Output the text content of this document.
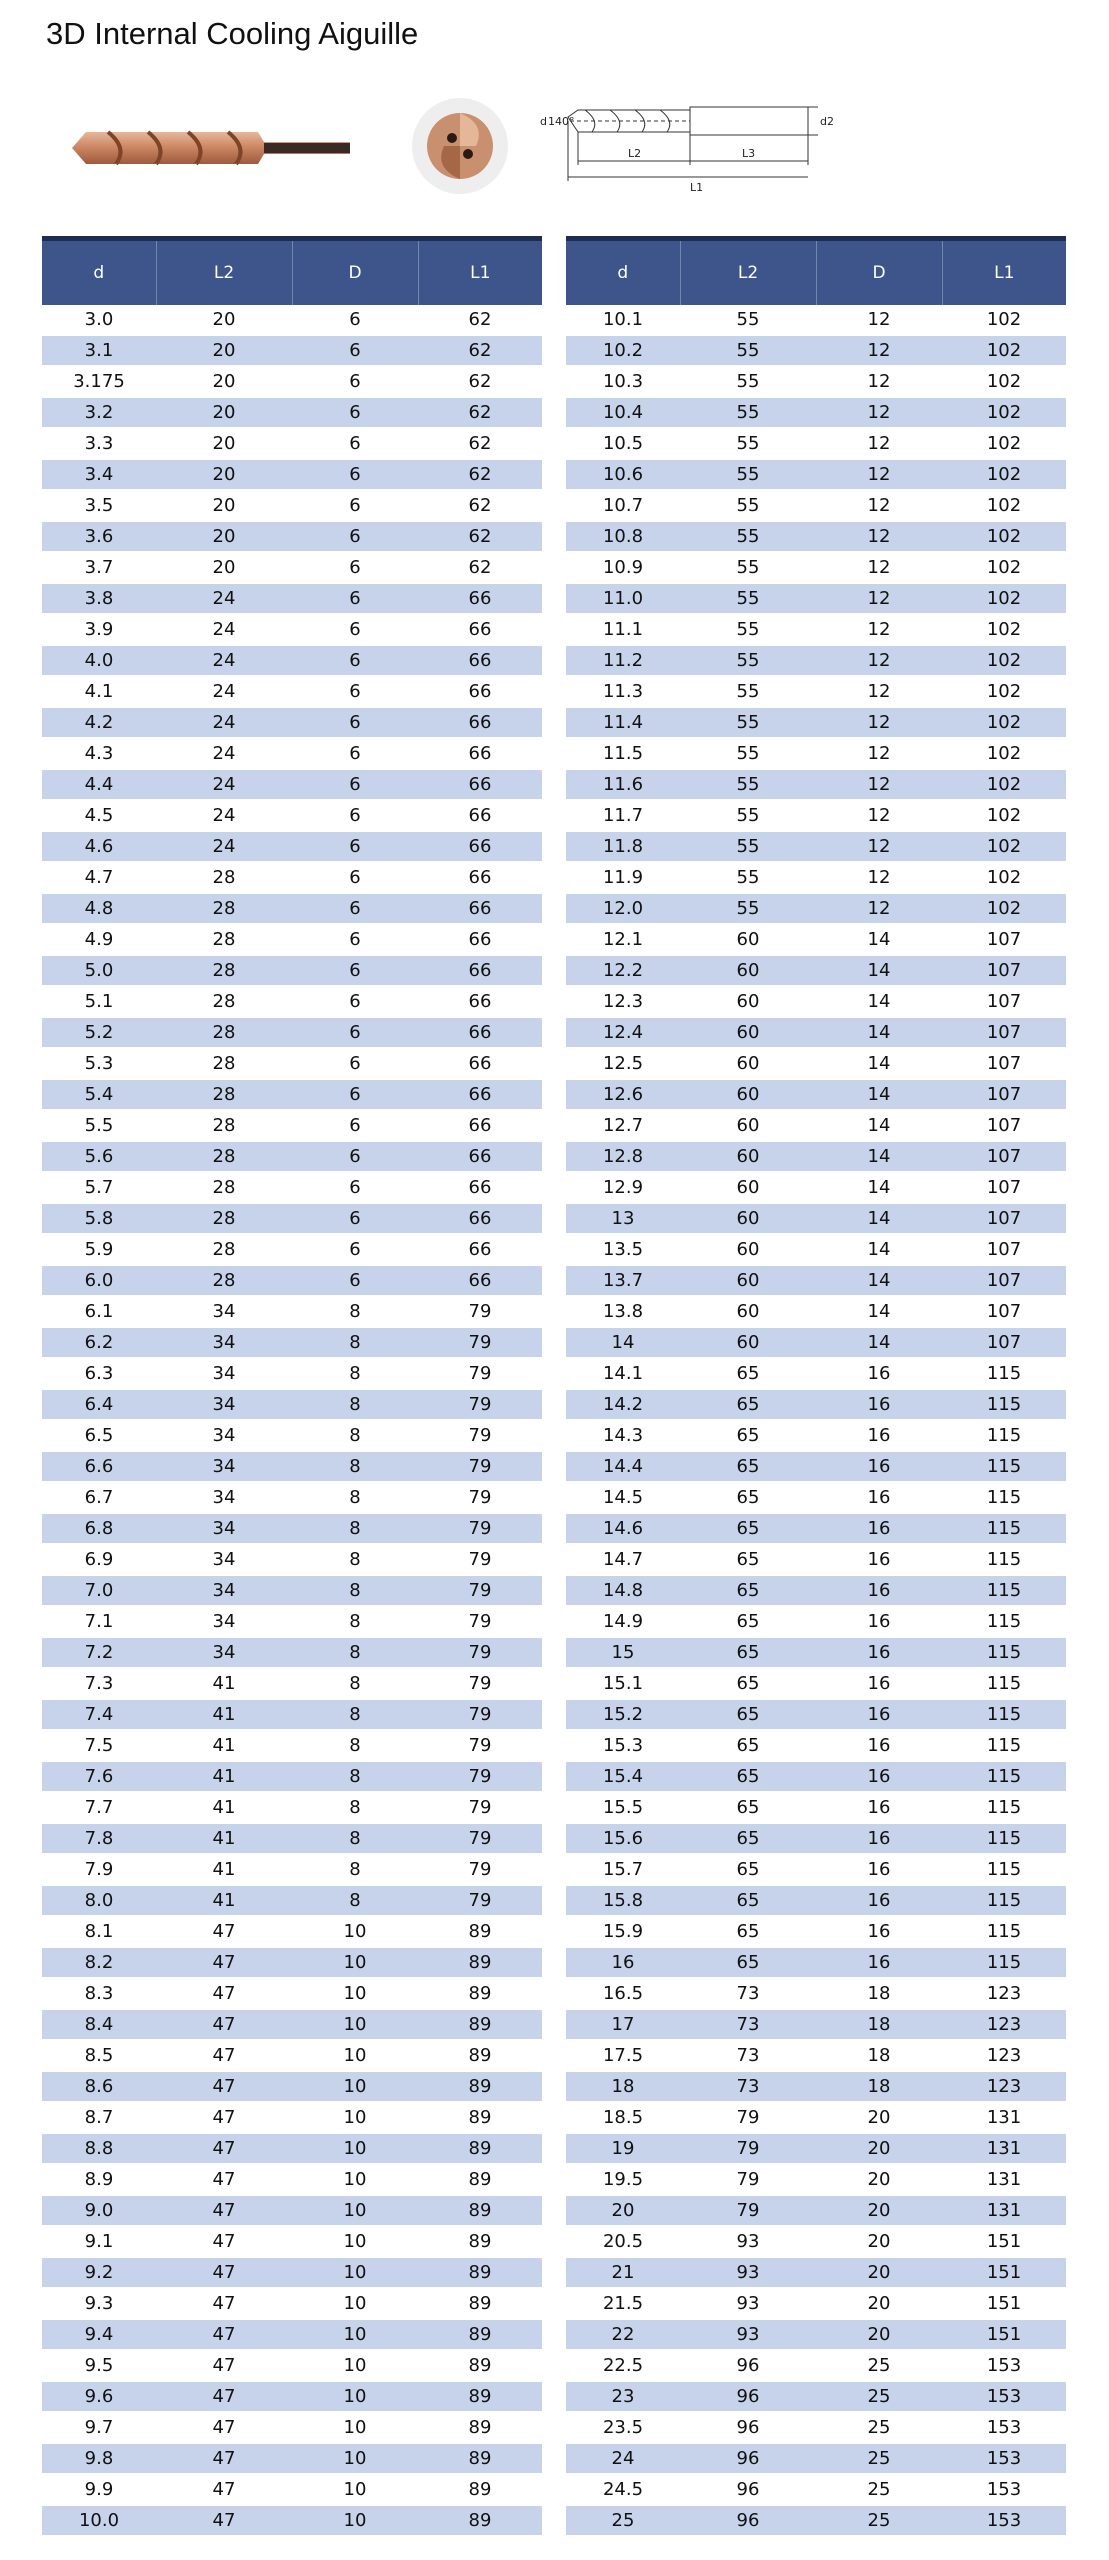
3D Internal Cooling Aiguille
d 140°	d2
L2	L3
L1
d	L2	D	L1
3.0	20	6	62
3.1	20	6	62
3.175	20	6	62
3.2	20	6	62
3.3	20	6	62
3.4	20	6	62
3.5	20	6	62
3.6	20	6	62
3.7	20	6	62
3.8	24	6	66
3.9	24	6	66
4.0	24	6	66
4.1	24	6	66
4.2	24	6	66
4.3	24	6	66
4.4	24	6	66
4.5	24	6	66
4.6	24	6	66
4.7	28	6	66
4.8	28	6	66
4.9	28	6	66
5.0	28	6	66
5.1	28	6	66
5.2	28	6	66
5.3	28	6	66
5.4	28	6	66
5.5	28	6	66
5.6	28	6	66
5.7	28	6	66
5.8	28	6	66
5.9	28	6	66
6.0	28	6	66
6.1	34	8	79
6.2	34	8	79
6.3	34	8	79
6.4	34	8	79
6.5	34	8	79
6.6	34	8	79
6.7	34	8	79
6.8	34	8	79
6.9	34	8	79
7.0	34	8	79
7.1	34	8	79
7.2	34	8	79
7.3	41	8	79
7.4	41	8	79
7.5	41	8	79
7.6	41	8	79
7.7	41	8	79
7.8	41	8	79
7.9	41	8	79
8.0	41	8	79
8.1	47	10	89
8.2	47	10	89
8.3	47	10	89
8.4	47	10	89
8.5	47	10	89
8.6	47	10	89
8.7	47	10	89
8.8	47	10	89
8.9	47	10	89
9.0	47	10	89
9.1	47	10	89
9.2	47	10	89
9.3	47	10	89
9.4	47	10	89
9.5	47	10	89
9.6	47	10	89
9.7	47	10	89
9.8	47	10	89
9.9	47	10	89
10.0	47	10	89
d	L2	D	L1
10.1	55	12	102
10.2	55	12	102
10.3	55	12	102
10.4	55	12	102
10.5	55	12	102
10.6	55	12	102
10.7	55	12	102
10.8	55	12	102
10.9	55	12	102
11.0	55	12	102
11.1	55	12	102
11.2	55	12	102
11.3	55	12	102
11.4	55	12	102
11.5	55	12	102
11.6	55	12	102
11.7	55	12	102
11.8	55	12	102
11.9	55	12	102
12.0	55	12	102
12.1	60	14	107
12.2	60	14	107
12.3	60	14	107
12.4	60	14	107
12.5	60	14	107
12.6	60	14	107
12.7	60	14	107
12.8	60	14	107
12.9	60	14	107
13	60	14	107
13.5	60	14	107
13.7	60	14	107
13.8	60	14	107
14	60	14	107
14.1	65	16	115
14.2	65	16	115
14.3	65	16	115
14.4	65	16	115
14.5	65	16	115
14.6	65	16	115
14.7	65	16	115
14.8	65	16	115
14.9	65	16	115
15	65	16	115
15.1	65	16	115
15.2	65	16	115
15.3	65	16	115
15.4	65	16	115
15.5	65	16	115
15.6	65	16	115
15.7	65	16	115
15.8	65	16	115
15.9	65	16	115
16	65	16	115
16.5	73	18	123
17	73	18	123
17.5	73	18	123
18	73	18	123
18.5	79	20	131
19	79	20	131
19.5	79	20	131
20	79	20	131
20.5	93	20	151
21	93	20	151
21.5	93	20	151
22	93	20	151
22.5	96	25	153
23	96	25	153
23.5	96	25	153
24	96	25	153
24.5	96	25	153
25	96	25	153
